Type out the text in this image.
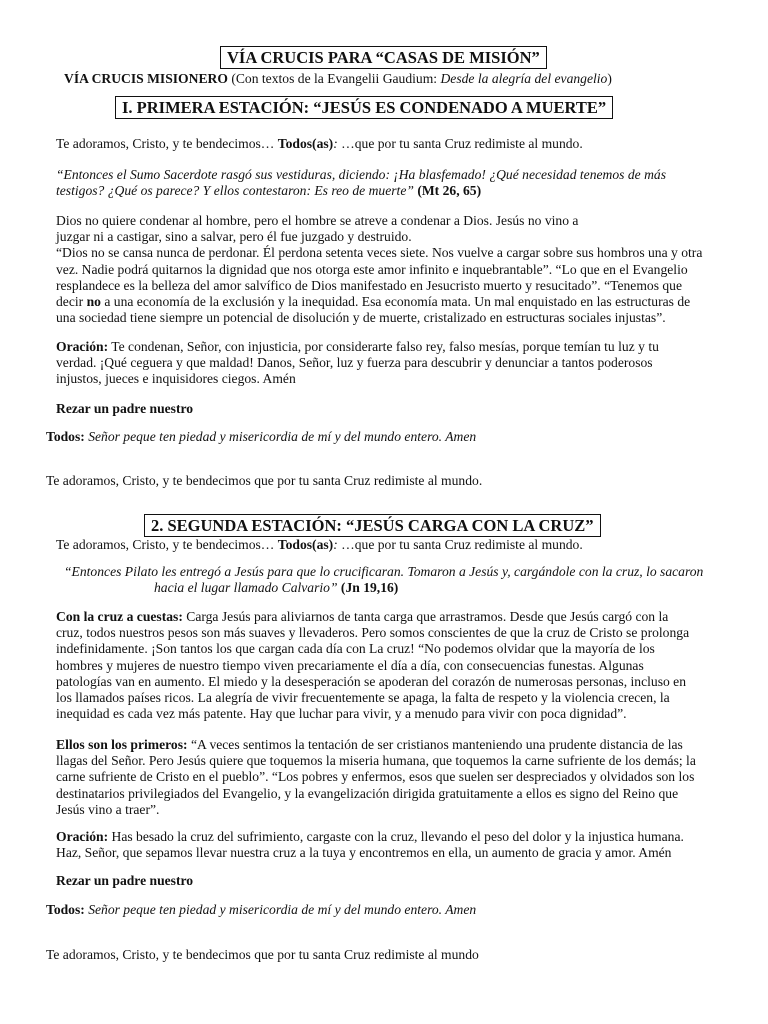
VÍA CRUCIS PARA “CASAS DE MISIÓN”
VÍA CRUCIS MISIONERO (Con textos de la Evangelii Gaudium: Desde la alegría del evangelio)
I. PRIMERA ESTACIÓN: “JESÚS ES CONDENADO A MUERTE”
Te adoramos, Cristo, y te bendecimos… Todos(as): …que por tu santa Cruz redimiste al mundo.
“Entonces el Sumo Sacerdote rasgó sus vestiduras, diciendo: ¡Ha blasfemado! ¿Qué necesidad tenemos de más
testigos? ¿Qué os parece? Y ellos contestaron: Es reo de muerte” (Mt 26, 65)
Dios no quiere condenar al hombre, pero el hombre se atreve a condenar a Dios. Jesús no vino a
juzgar ni a castigar, sino a salvar, pero él fue juzgado y destruido.
“Dios no se cansa nunca de perdonar. Él perdona setenta veces siete. Nos vuelve a cargar sobre sus hombros una y otra
vez. Nadie podrá quitarnos la dignidad que nos otorga este amor infinito e inquebrantable”. “Lo que en el Evangelio
resplandece es la belleza del amor salvífico de Dios manifestado en Jesucristo muerto y resucitado”. “Tenemos que
decir no a una economía de la exclusión y la inequidad. Esa economía mata. Un mal enquistado en las estructuras de
una sociedad tiene siempre un potencial de disolución y de muerte, cristalizado en estructuras sociales injustas”.
Oración: Te condenan, Señor, con injusticia, por considerarte falso rey, falso mesías, porque temían tu luz y tu
verdad. ¡Qué ceguera y que maldad! Danos, Señor, luz y fuerza para descubrir y denunciar a tantos poderosos
injustos, jueces e inquisidores ciegos. Amén
Rezar un padre nuestro
Todos: Señor peque ten piedad y misericordia de mí y del mundo entero. Amen
Te adoramos, Cristo, y te bendecimos que por tu santa Cruz redimiste al mundo.
2. SEGUNDA ESTACIÓN: “JESÚS CARGA CON LA CRUZ”
Te adoramos, Cristo, y te bendecimos… Todos(as): …que por tu santa Cruz redimiste al mundo.
“Entonces Pilato les entregó a Jesús para que lo crucificaran. Tomaron a Jesús y, cargándole con la cruz, lo sacaron
hacia el lugar llamado Calvario” (Jn 19,16)
Con la cruz a cuestas: Carga Jesús para aliviarnos de tanta carga que arrastramos. Desde que Jesús cargó con la
cruz, todos nuestros pesos son más suaves y llevaderos. Pero somos conscientes de que la cruz de Cristo se prolonga
indefinidamente. ¡Son tantos los que cargan cada día con La cruz! “No podemos olvidar que la mayoría de los
hombres y mujeres de nuestro tiempo viven precariamente el día a día, con consecuencias funestas. Algunas
patologías van en aumento. El miedo y la desesperación se apoderan del corazón de numerosas personas, incluso en
los llamados países ricos. La alegría de vivir frecuentemente se apaga, la falta de respeto y la violencia crecen, la
inequidad es cada vez más patente. Hay que luchar para vivir, y a menudo para vivir con poca dignidad”.
Ellos son los primeros: “A veces sentimos la tentación de ser cristianos manteniendo una prudente distancia de las
llagas del Señor. Pero Jesús quiere que toquemos la miseria humana, que toquemos la carne sufriente de los demás; la
carne sufriente de Cristo en el pueblo”. “Los pobres y enfermos, esos que suelen ser despreciados y olvidados son los
destinatarios privilegiados del Evangelio, y la evangelización dirigida gratuitamente a ellos es signo del Reino que
Jesús vino a traer”.
Oración: Has besado la cruz del sufrimiento, cargaste con la cruz, llevando el peso del dolor y la injustica humana.
Haz, Señor, que sepamos llevar nuestra cruz a la tuya y encontremos en ella, un aumento de gracia y amor. Amén
Rezar un padre nuestro
Todos: Señor peque ten piedad y misericordia de mí y del mundo entero. Amen
Te adoramos, Cristo, y te bendecimos que por tu santa Cruz redimiste al mundo
